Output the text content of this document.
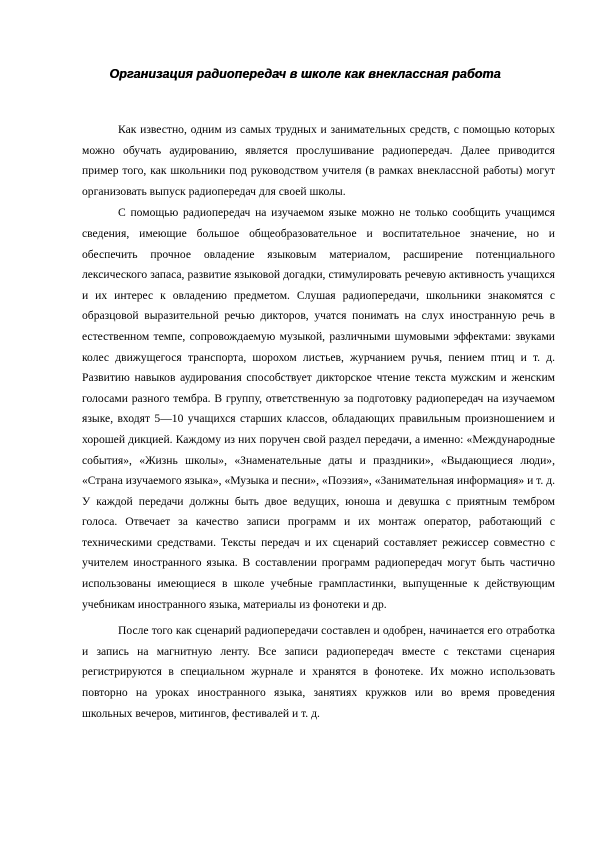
Организация радиопередач в школе как внеклассная работа

Как известно, одним из самых трудных и занимательных средств, с помощью которых можно обучать аудированию, является прослушивание радиопередач. Далее приводится пример того, как школьники под руководством учителя (в рамках внеклассной работы) могут организовать выпуск радиопередач для своей школы.

С помощью радиопередач на изучаемом языке можно не только сообщить учащимся сведения, имеющие большое общеобразовательное и воспитательное значение, но и обеспечить прочное овладение языковым материалом, расширение потенциального лексического запаса, развитие языковой догадки, стимулировать речевую активность учащихся и их интерес к овладению предметом. Слушая радиопередачи, школьники знакомятся с образцовой выразительной речью дикторов, учатся понимать на слух иностранную речь в естественном темпе, сопровождаемую музыкой, различными шумовыми эффектами: звуками колес движущегося транспорта, шорохом листьев, журчанием ручья, пением птиц и т. д. Развитию навыков аудирования способствует дикторское чтение текста мужским и женским голосами разного тембра. В группу, ответственную за подготовку радиопередач на изучаемом языке, входят 5—10 учащихся старших классов, обладающих правильным произношением и хорошей дикцией. Каждому из них поручен свой раздел передачи, а именно: «Международные события», «Жизнь школы», «Знаменательные даты и праздники», «Выдающиеся люди», «Страна изучаемого языка», «Музыка и песни», «Поэзия», «Занимательная информация» и т. д. У каждой передачи должны быть двое ведущих, юноша и девушка с приятным тембром голоса. Отвечает за качество записи программ и их монтаж оператор, работающий с техническими средствами. Тексты передач и их сценарий составляет режиссер совместно с учителем иностранного языка. В составлении программ радиопередач могут быть частично использованы имеющиеся в школе учебные грампластинки, выпущенные к действующим учебникам иностранного языка, материалы из фонотеки и др.

После того как сценарий радиопередачи составлен и одобрен, начинается его отработка и запись на магнитную ленту. Все записи радиопередач вместе с текстами сценария регистрируются в специальном журнале и хранятся в фонотеке. Их можно использовать повторно на уроках иностранного языка, занятиях кружков или во время проведения школьных вечеров, митингов, фестивалей и т. д.
